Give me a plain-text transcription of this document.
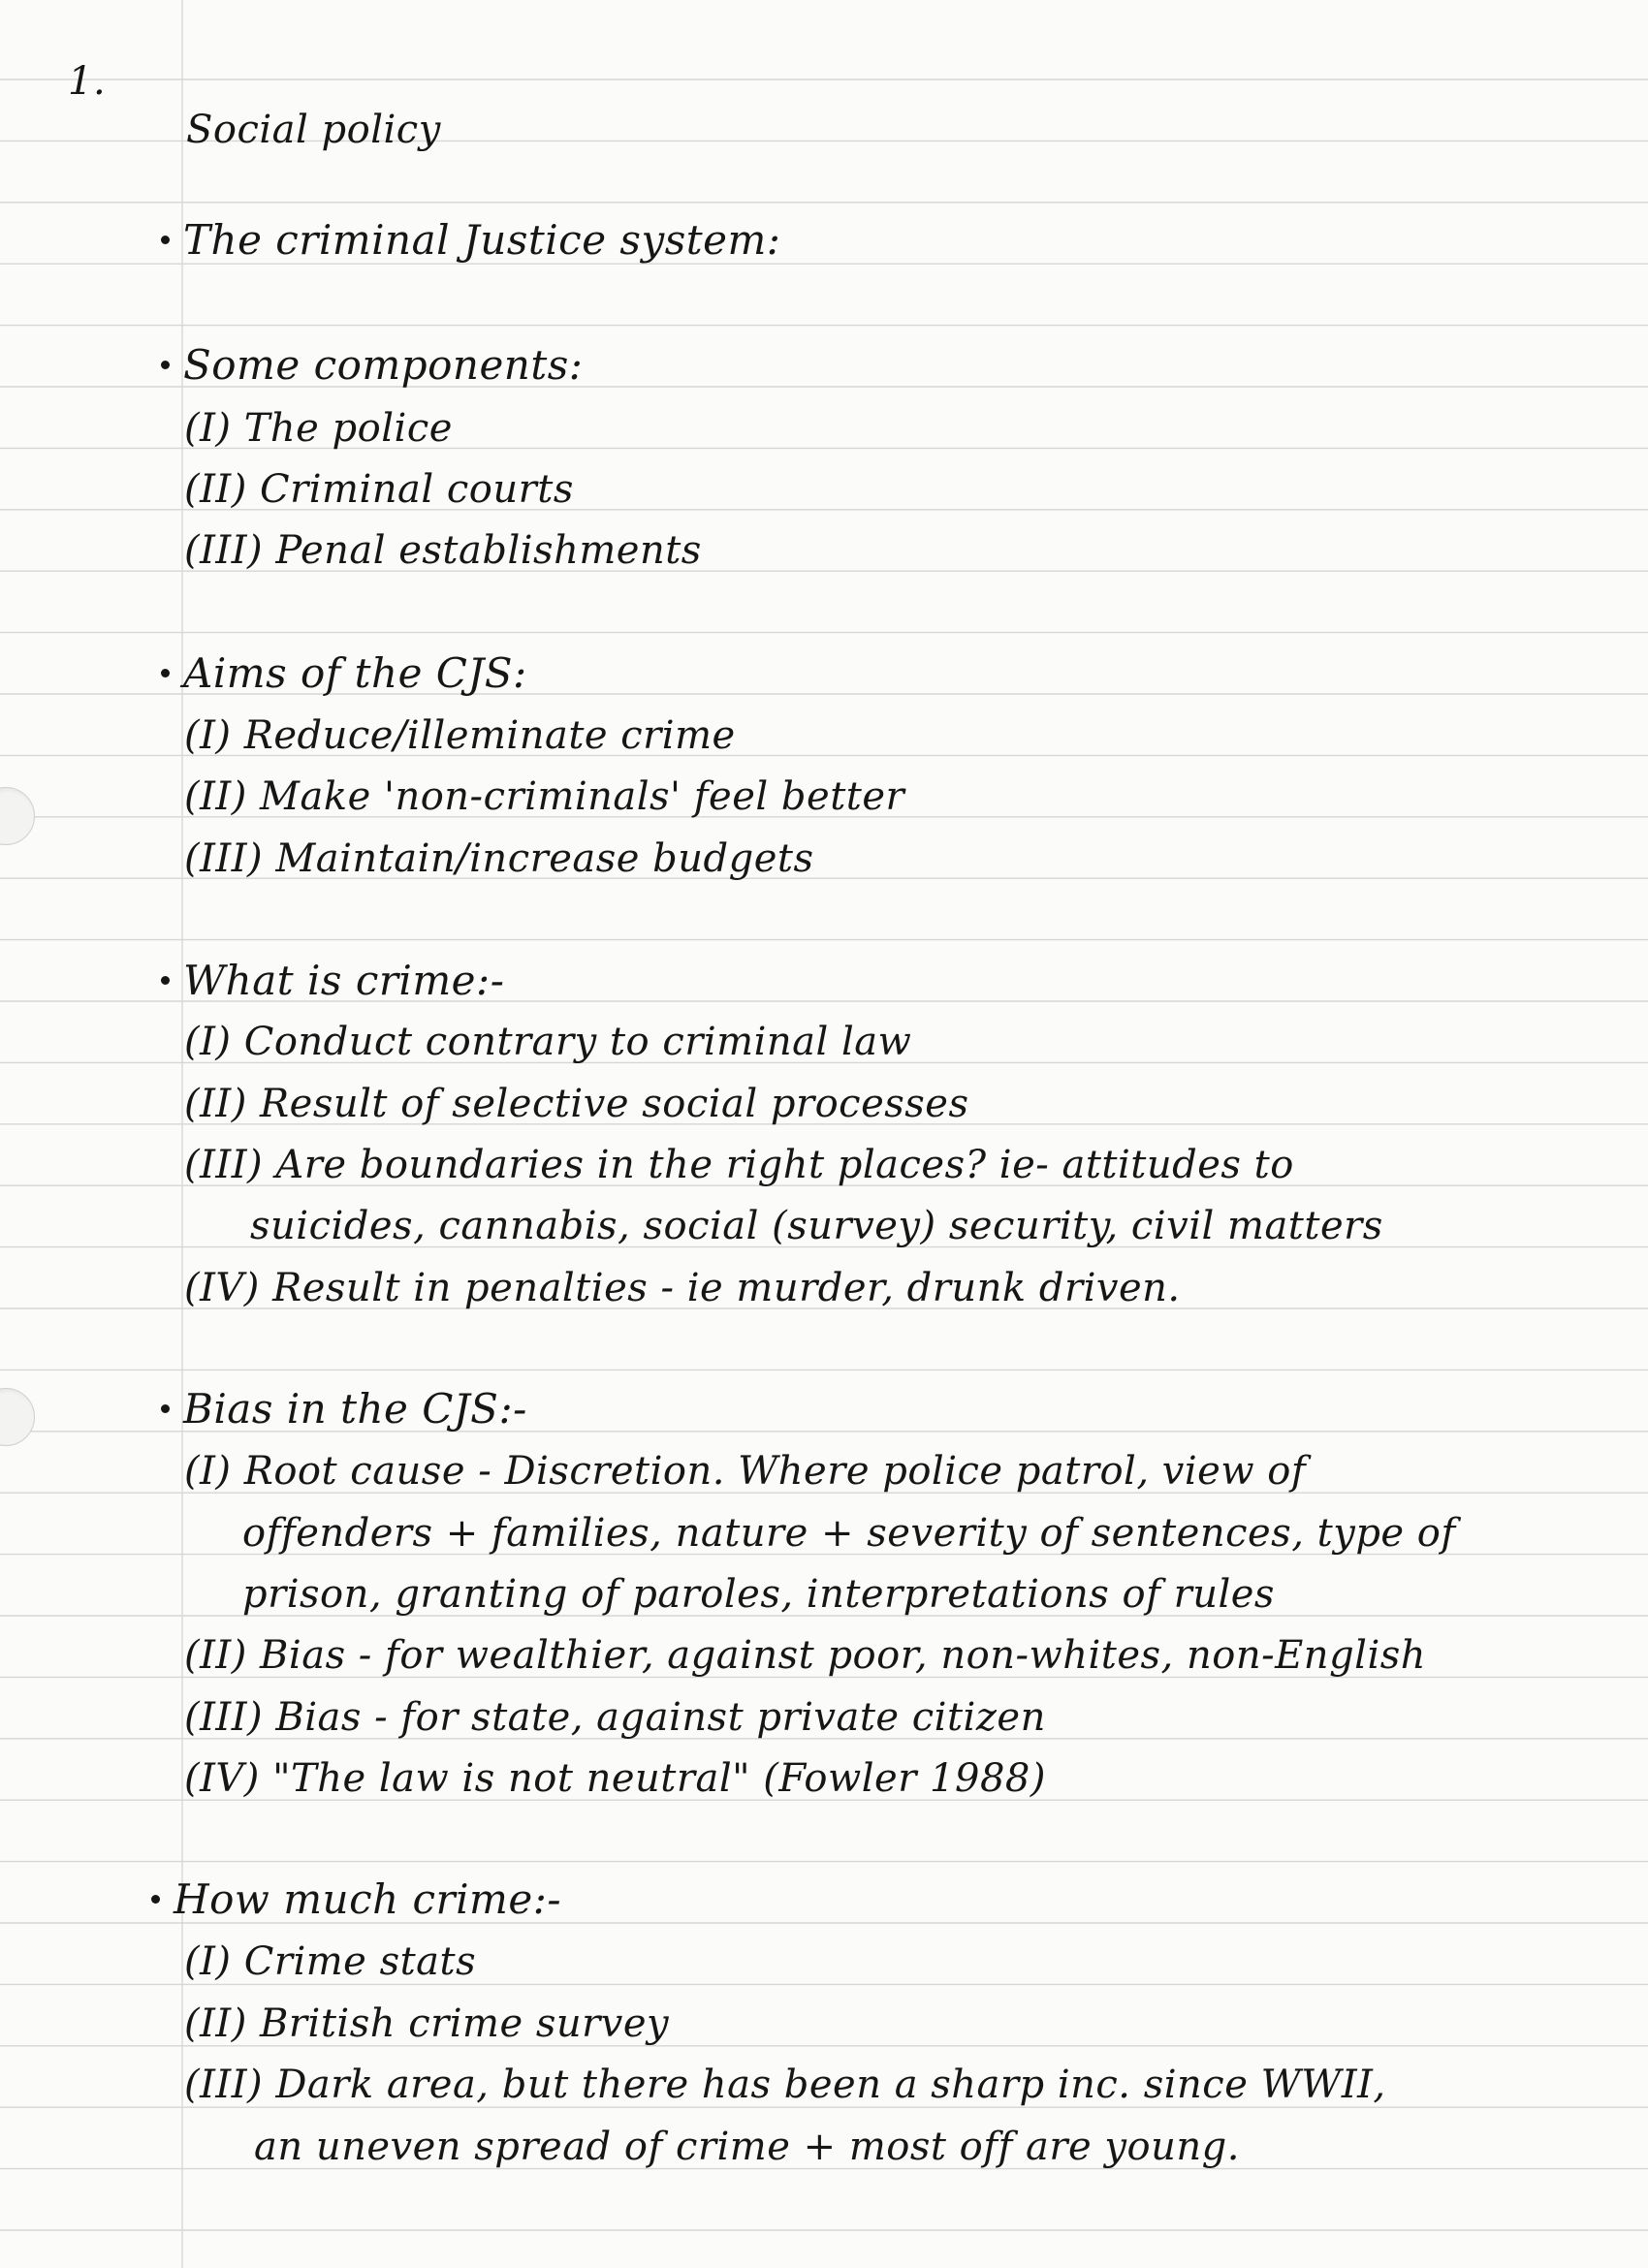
1.
Social policy
The criminal Justice system:
Some components:
(I) The police
(II) Criminal courts
(III) Penal establishments
Aims of the CJS:
(I) Reduce/illeminate crime
(II) Make 'non-criminals' feel better
(III) Maintain/increase budgets
What is crime:-
(I) Conduct contrary to criminal law
(II) Result of selective social processes
(III) Are boundaries in the right places? ie- attitudes to
suicides, cannabis, social (survey) security, civil matters
(IV) Result in penalties - ie murder, drunk driven.
Bias in the CJS:-
(I) Root cause - Discretion. Where police patrol, view of
offenders + families, nature + severity of sentences, type of
prison, granting of paroles, interpretations of rules
(II) Bias - for wealthier, against poor, non-whites, non-English
(III) Bias - for state, against private citizen
(IV) "The law is not neutral" (Fowler 1988)
How much crime:-
(I) Crime stats
(II) British crime survey
(III) Dark area, but there has been a sharp inc. since WWII,
an uneven spread of crime + most off are young.
